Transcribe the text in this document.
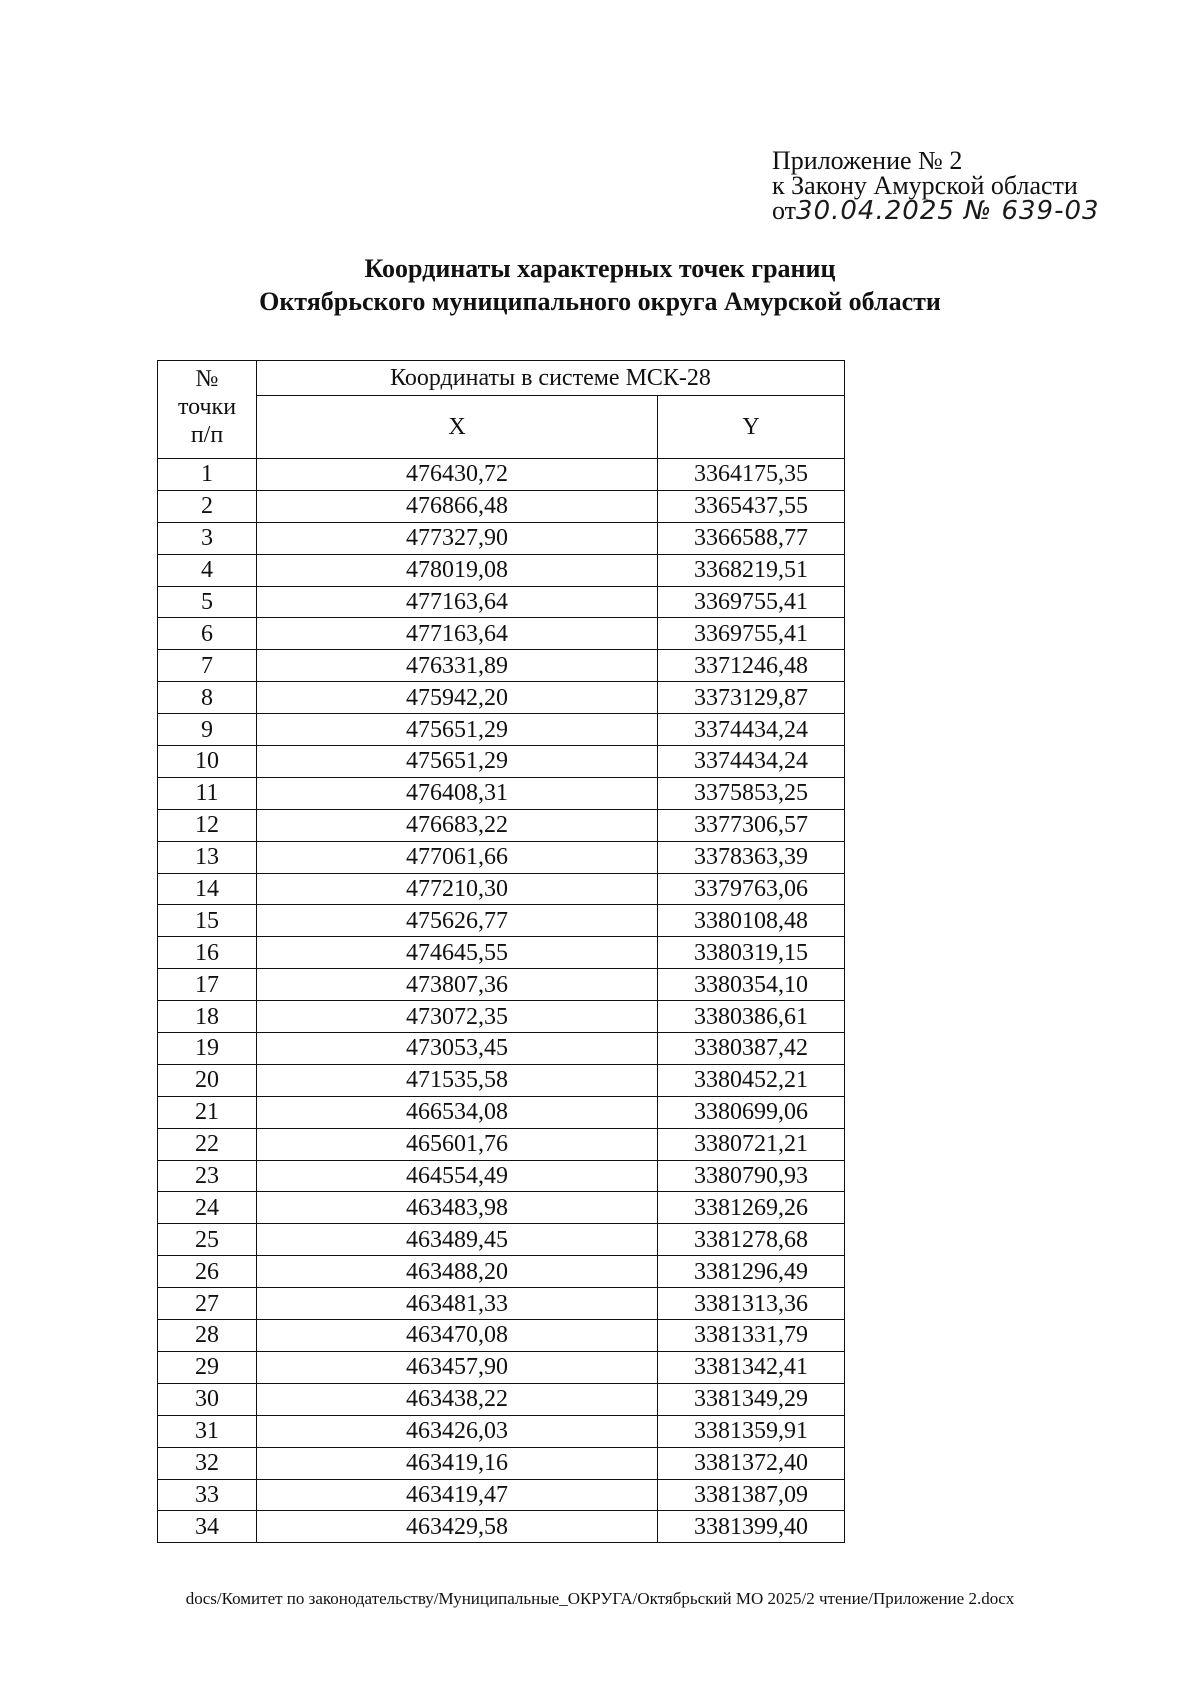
Приложение № 2
к Закону Амурской области
от30.04.2025 № 639-03
Координаты характерных точек границ
Октябрьского муниципального округа Амурской области
№ точки п/п	Координаты в системе МСК-28	
	X	Y
1	476430,72	3364175,35
2	476866,48	3365437,55
3	477327,90	3366588,77
4	478019,08	3368219,51
5	477163,64	3369755,41
6	477163,64	3369755,41
7	476331,89	3371246,48
8	475942,20	3373129,87
9	475651,29	3374434,24
10	475651,29	3374434,24
11	476408,31	3375853,25
12	476683,22	3377306,57
13	477061,66	3378363,39
14	477210,30	3379763,06
15	475626,77	3380108,48
16	474645,55	3380319,15
17	473807,36	3380354,10
18	473072,35	3380386,61
19	473053,45	3380387,42
20	471535,58	3380452,21
21	466534,08	3380699,06
22	465601,76	3380721,21
23	464554,49	3380790,93
24	463483,98	3381269,26
25	463489,45	3381278,68
26	463488,20	3381296,49
27	463481,33	3381313,36
28	463470,08	3381331,79
29	463457,90	3381342,41
30	463438,22	3381349,29
31	463426,03	3381359,91
32	463419,16	3381372,40
33	463419,47	3381387,09
34	463429,58	3381399,40
docs/Комитет по законодательству/Муниципальные_ОКРУГА/Октябрьский МО 2025/2 чтение/Приложение 2.docx
